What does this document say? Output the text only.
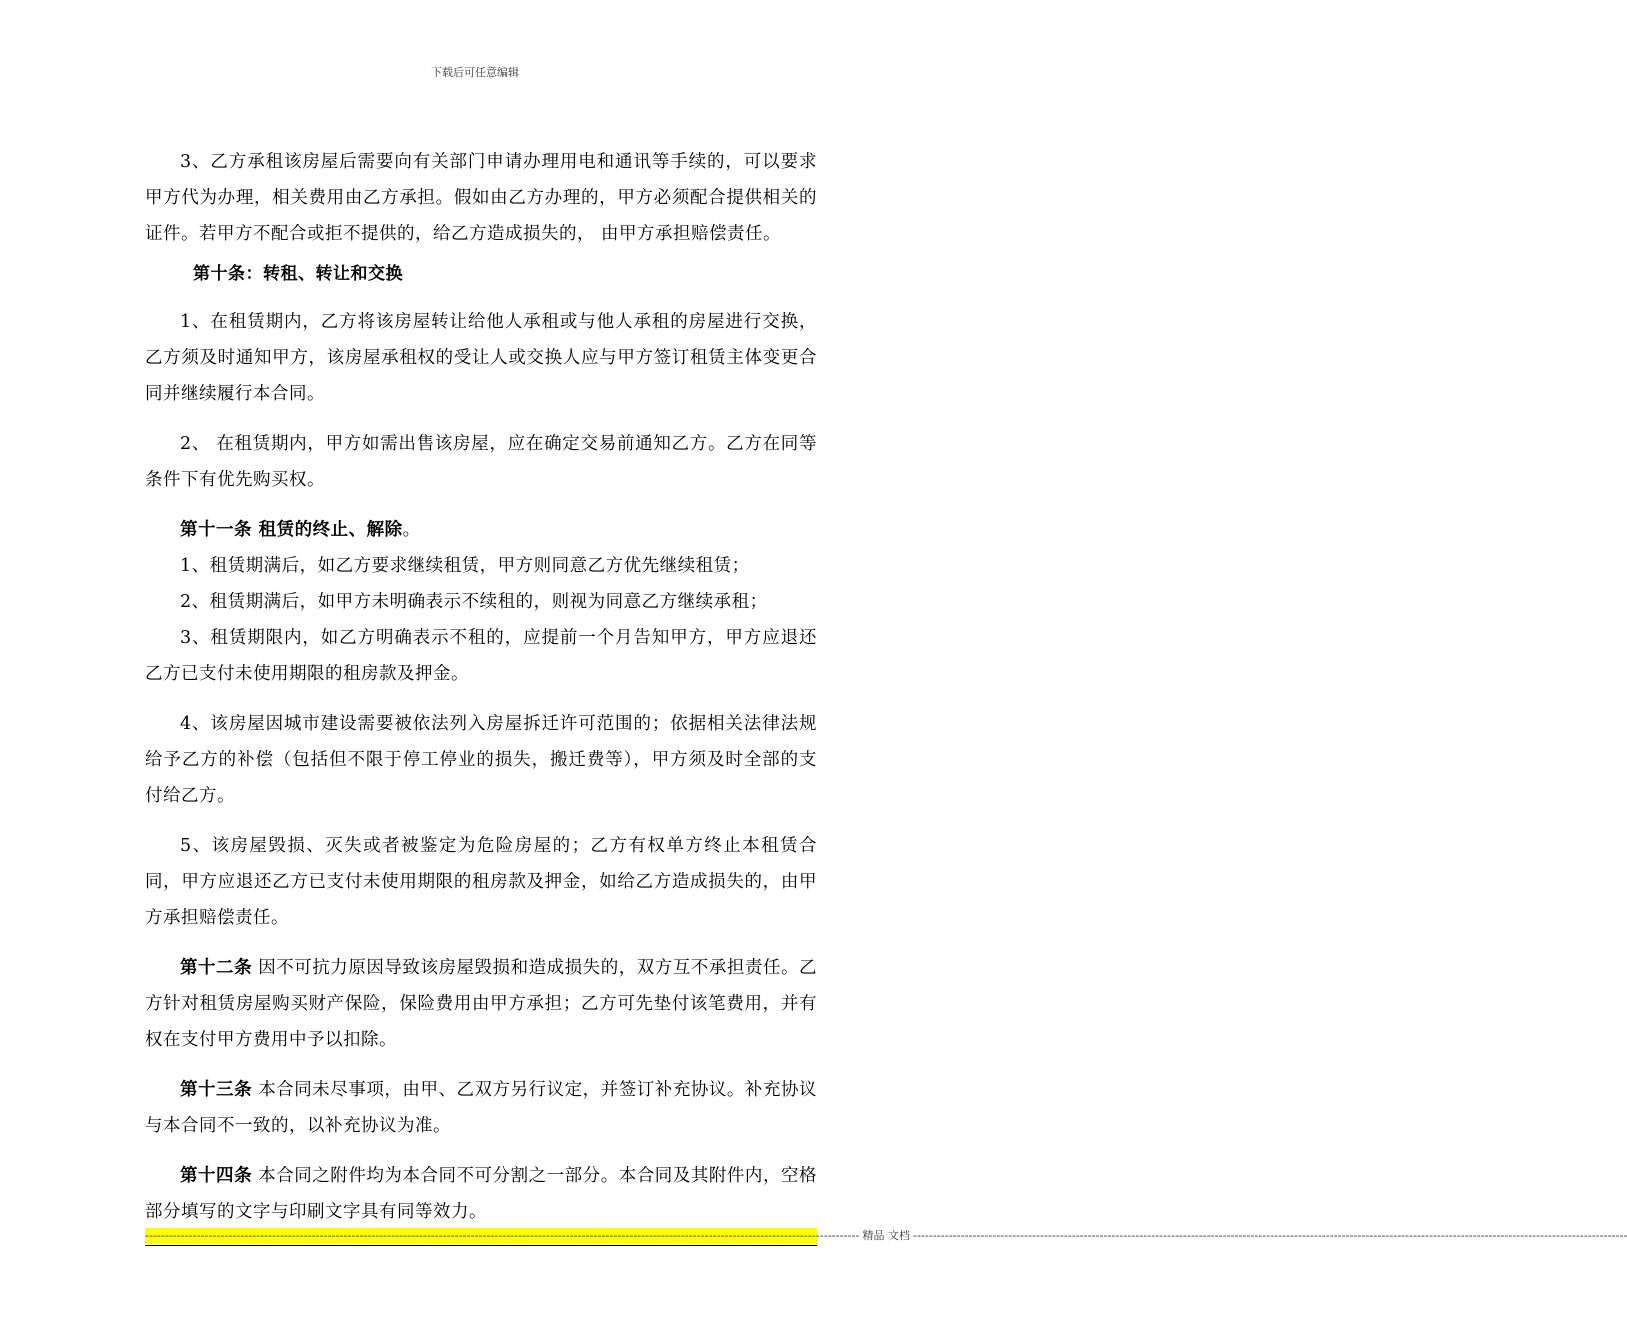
下载后可任意编辑

3、乙方承租该房屋后需要向有关部门申请办理用电和通讯等手续的，可以要求甲方代为办理，相关费用由乙方承担。假如由乙方办理的，甲方必须配合提供相关的证件。若甲方不配合或拒不提供的，给乙方造成损失的， 由甲方承担赔偿责任。

第十条：转租、转让和交换

1、在租赁期内，乙方将该房屋转让给他人承租或与他人承租的房屋进行交换，乙方须及时通知甲方，该房屋承租权的受让人或交换人应与甲方签订租赁主体变更合同并继续履行本合同。

2、 在租赁期内，甲方如需出售该房屋，应在确定交易前通知乙方。乙方在同等条件下有优先购买权。

第十一条 租赁的终止、解除。

1、租赁期满后，如乙方要求继续租赁，甲方则同意乙方优先继续租赁；

2、租赁期满后，如甲方未明确表示不续租的，则视为同意乙方继续承租；

3、租赁期限内，如乙方明确表示不租的，应提前一个月告知甲方，甲方应退还乙方已支付未使用期限的租房款及押金。

4、该房屋因城市建设需要被依法列入房屋拆迁许可范围的；依据相关法律法规给予乙方的补偿（包括但不限于停工停业的损失，搬迁费等），甲方须及时全部的支付给乙方。

5、该房屋毁损、灭失或者被鉴定为危险房屋的；乙方有权单方终止本租赁合同，甲方应退还乙方已支付未使用期限的租房款及押金，如给乙方造成损失的，由甲方承担赔偿责任。

第十二条 因不可抗力原因导致该房屋毁损和造成损失的，双方互不承担责任。乙方针对租赁房屋购买财产保险，保险费用由甲方承担；乙方可先垫付该笔费用，并有权在支付甲方费用中予以扣除。

第十三条 本合同未尽事项，由甲、乙双方另行议定，并签订补充协议。补充协议与本合同不一致的，以补充协议为准。

第十四条 本合同之附件均为本合同不可分割之一部分。本合同及其附件内，空格部分填写的文字与印刷文字具有同等效力。

------------------------------------------------------------------------------------------------------------------------------------------------------------------------------------ 精品 文档 ------------------------------------------------------------------------------------------------------------------------------------------------------------------------------------
